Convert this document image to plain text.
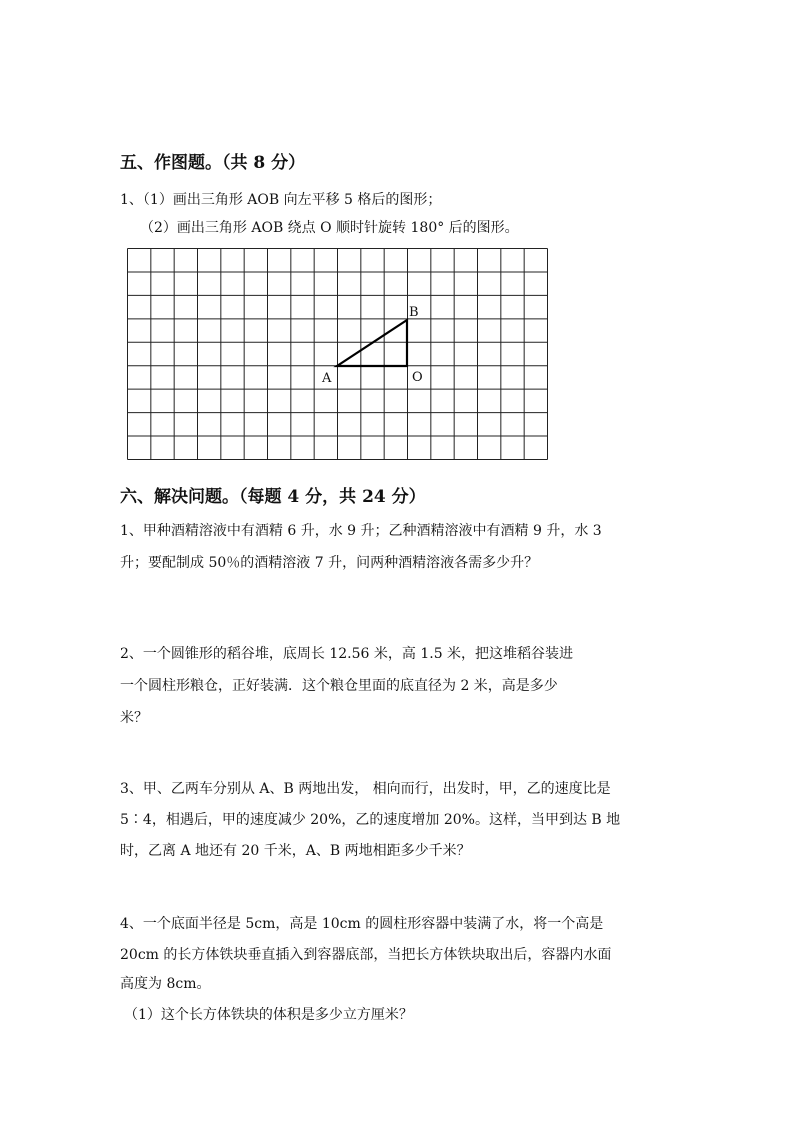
五、作图题。（共 8 分）
1、（1）画出三角形 AOB 向左平移 5 格后的图形；
（2）画出三角形 AOB 绕点 O 顺时针旋转 180° 后的图形。
A
B
O
六、解决问题。（每题 4 分，共 24 分）
1、甲种酒精溶液中有酒精 6 升，水 9 升；乙种酒精溶液中有酒精 9 升，水 3
升；要配制成 50％的酒精溶液 7 升，问两种酒精溶液各需多少升？
2、一个圆锥形的稻谷堆，底周长 12.56 米，高 1.5 米，把这堆稻谷装进
一个圆柱形粮仓，正好装满．这个粮仓里面的底直径为 2 米，高是多少
米？
3、甲、乙两车分别从 A、B 两地出发， 相向而行，出发时，甲，乙的速度比是
5∶4，相遇后，甲的速度减少 20%，乙的速度增加 20%。这样，当甲到达 B 地
时，乙离 A 地还有 20 千米，A、B 两地相距多少千米？
4、一个底面半径是 5cm，高是 10cm 的圆柱形容器中装满了水，将一个高是
20cm 的长方体铁块垂直插入到容器底部，当把长方体铁块取出后，容器内水面
高度为 8cm。
（1）这个长方体铁块的体积是多少立方厘米？
